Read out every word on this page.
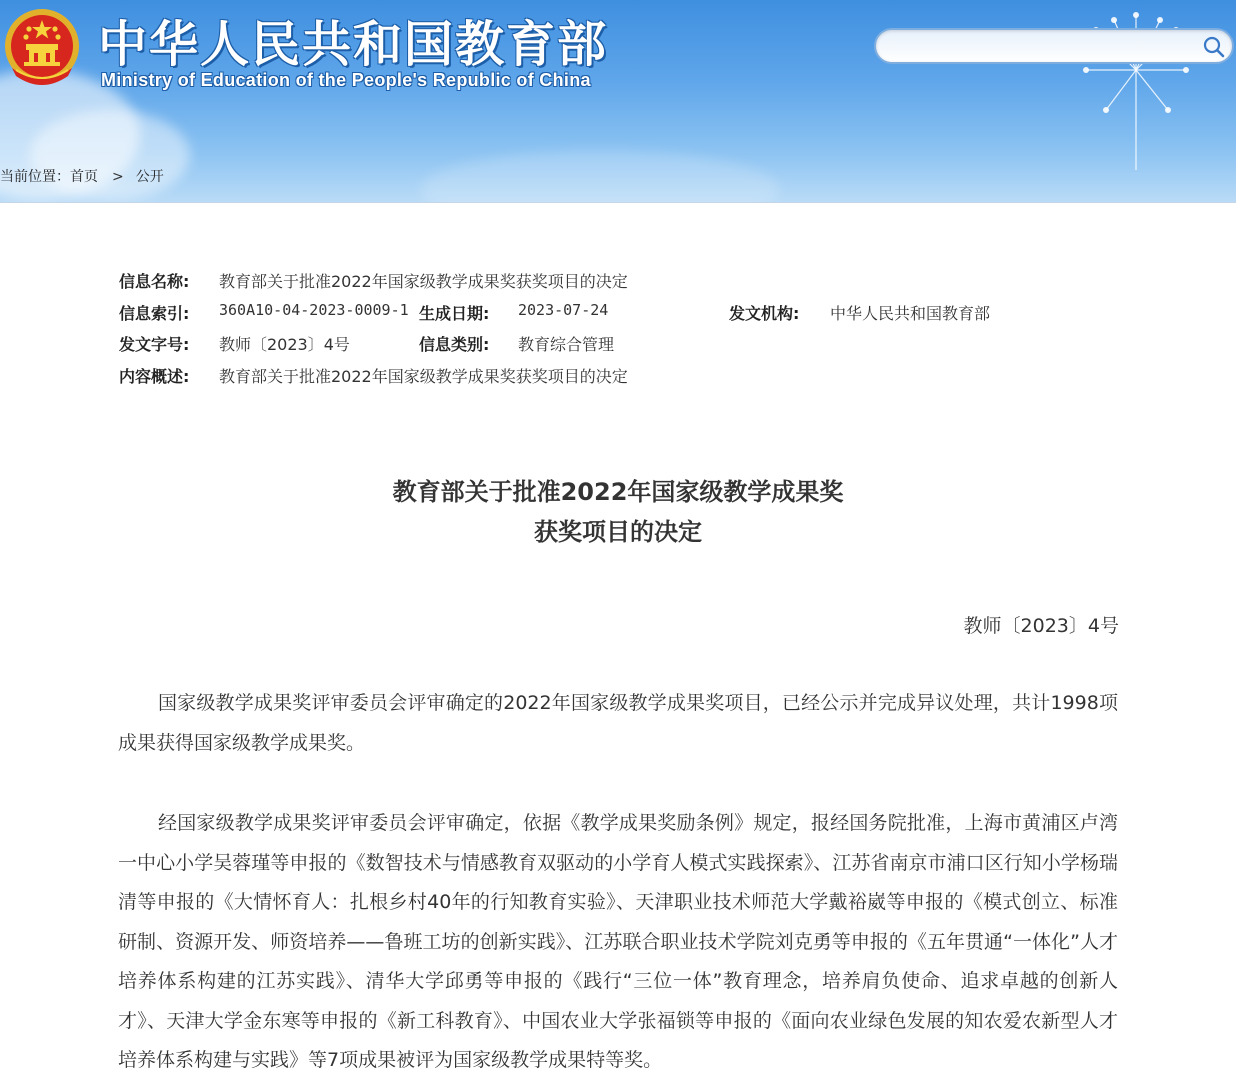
中华人民共和国教育部
Ministry of Education of the People's Republic of China
当前位置：首页 > 公开
信息名称: 教育部关于批准2022年国家级教学成果奖获奖项目的决定
信息索引: 360A10-04-2023-0009-1 生成日期: 2023-07-24	发文机构: 中华人民共和国教育部
发文字号: 教师〔2023〕4号	信息类别: 教育综合管理
内容概述: 教育部关于批准2022年国家级教学成果奖获奖项目的决定
教育部关于批准2022年国家级教学成果奖
获奖项目的决定
教师〔2023〕4号

国家级教学成果奖评审委员会评审确定的2022年国家级教学成果奖项目，已经公示并完成异议处理，共计1998项成果获得国家级教学成果奖。

经国家级教学成果奖评审委员会评审确定，依据《教学成果奖励条例》规定，报经国务院批准，上海市黄浦区卢湾一中心小学吴蓉瑾等申报的《数智技术与情感教育双驱动的小学育人模式实践探索》、江苏省南京市浦口区行知小学杨瑞清等申报的《大情怀育人：扎根乡村40年的行知教育实验》、天津职业技术师范大学戴裕崴等申报的《模式创立、标准研制、资源开发、师资培养——鲁班工坊的创新实践》、江苏联合职业技术学院刘克勇等申报的《五年贯通“一体化”人才培养体系构建的江苏实践》、清华大学邱勇等申报的《践行“三位一体”教育理念，培养肩负使命、追求卓越的创新人才》、天津大学金东寒等申报的《新工科教育》、中国农业大学张福锁等申报的《面向农业绿色发展的知农爱农新型人才培养体系构建与实践》等7项成果被评为国家级教学成果特等奖。
